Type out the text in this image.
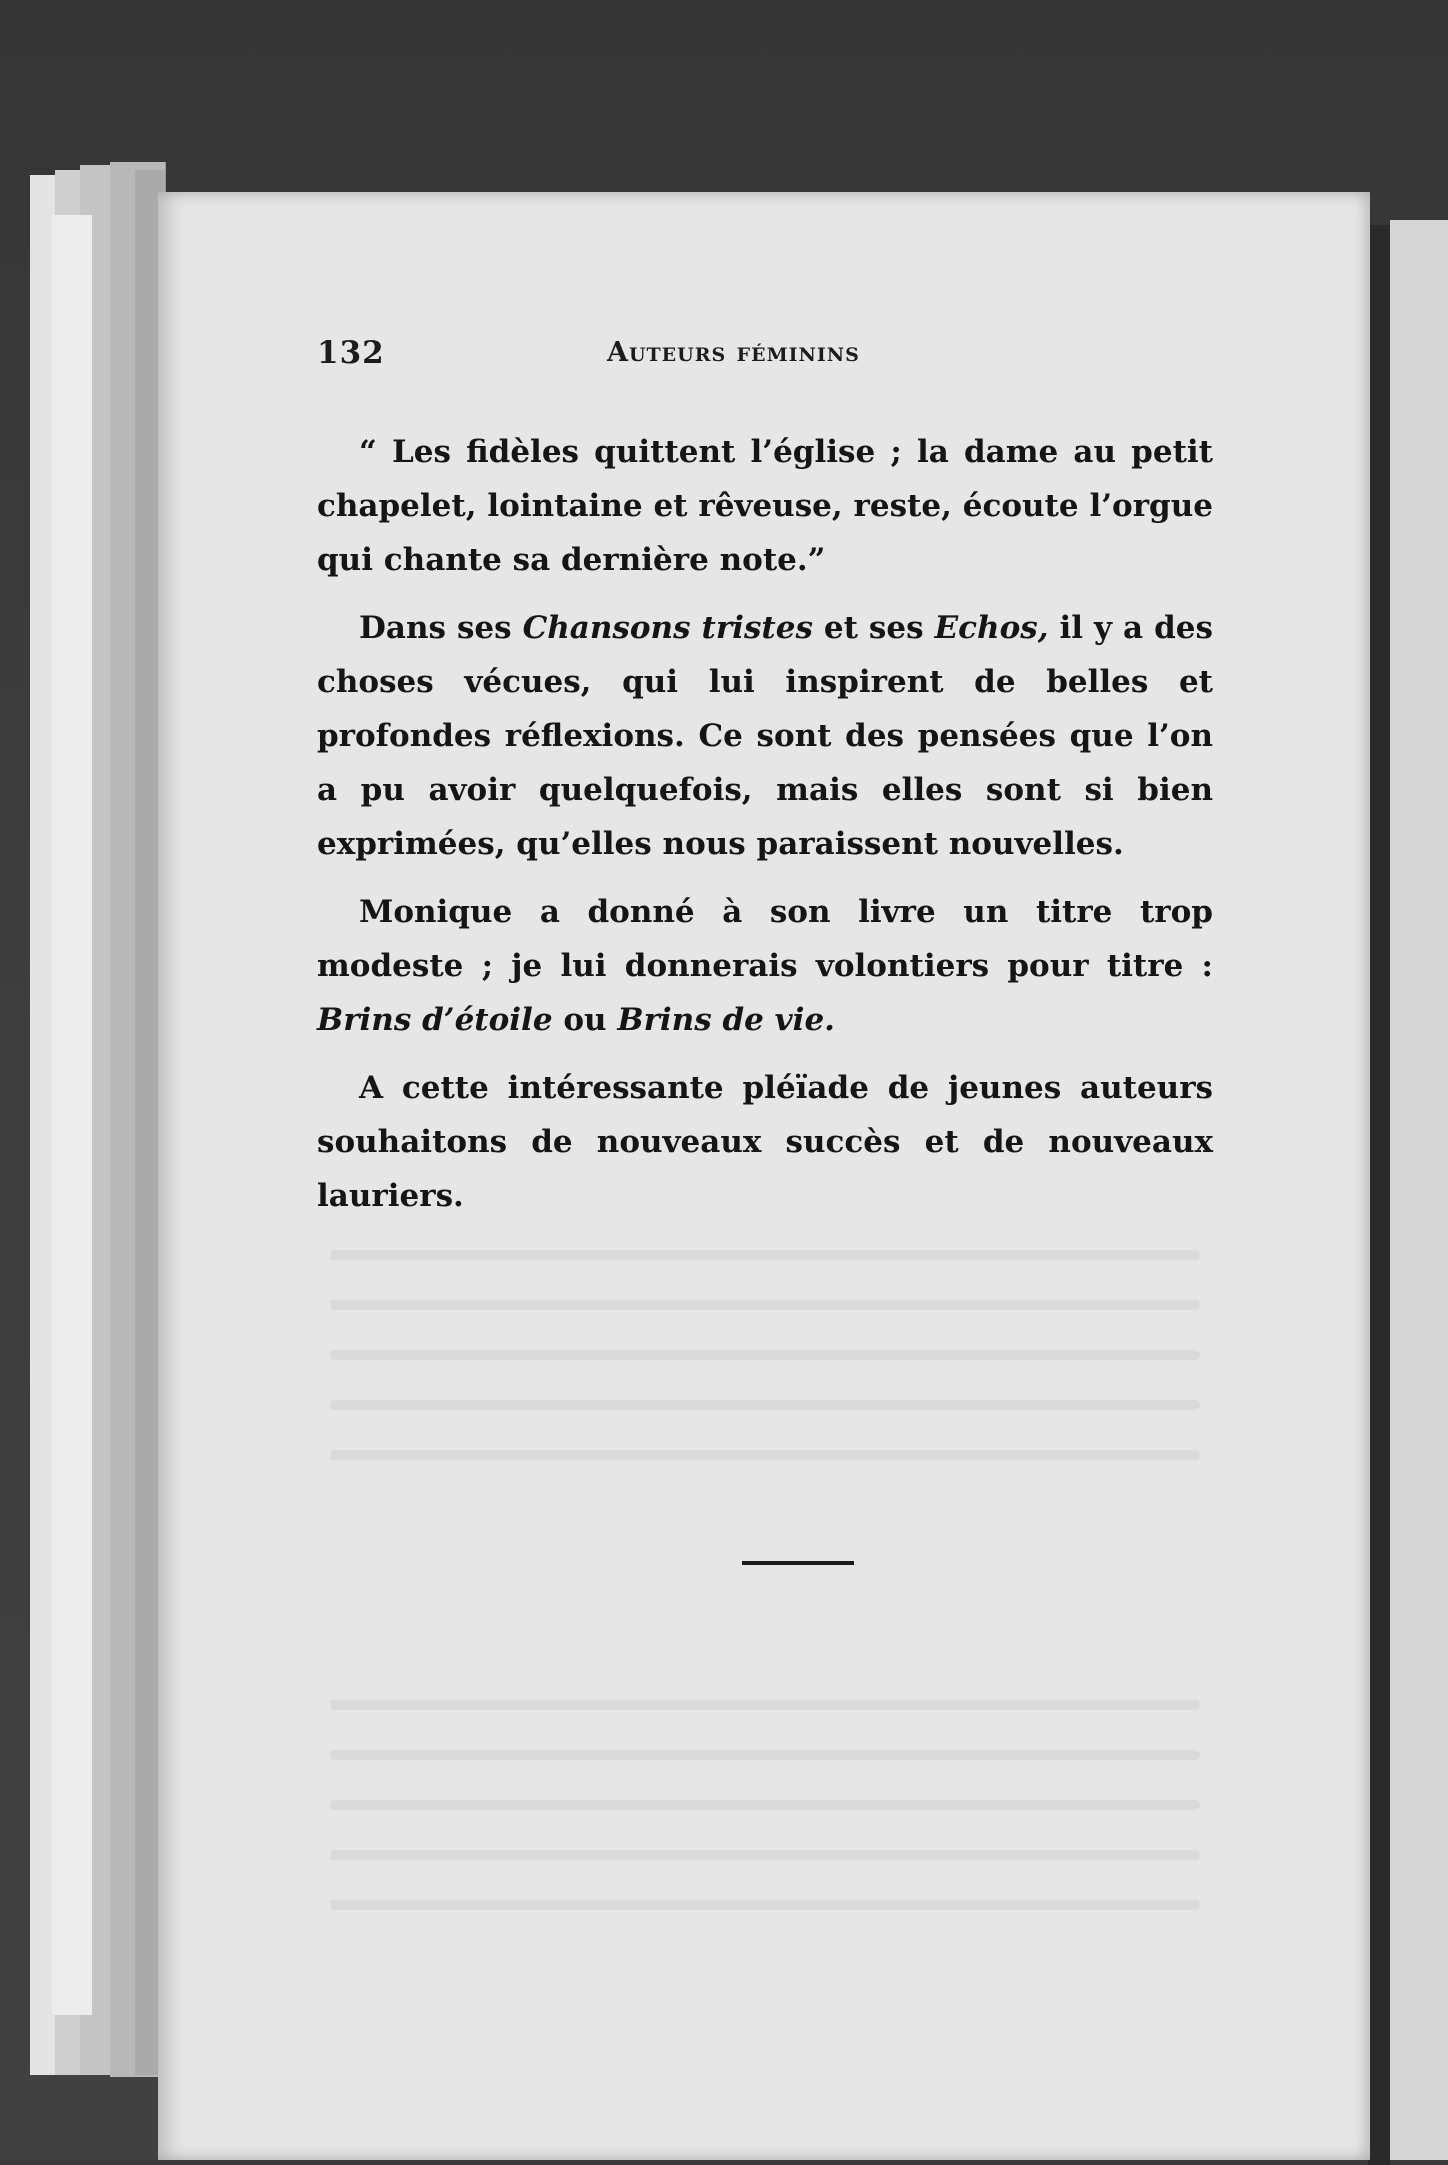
132	Auteurs féminins

“ Les fidèles quittent l’église ; la dame au petit chapelet, lointaine et rêveuse, reste, écoute l’orgue qui chante sa dernière note.”

Dans ses Chansons tristes et ses Echos, il y a des choses vécues, qui lui inspirent de belles et profondes réflexions. Ce sont des pensées que l’on a pu avoir quelquefois, mais elles sont si bien exprimées, qu’elles nous paraissent nouvelles.

Monique a donné à son livre un titre trop modeste ; je lui donnerais volontiers pour titre : Brins d’étoile ou Brins de vie.

A cette intéressante pléïade de jeunes auteurs souhaitons de nouveaux succès et de nouveaux lauriers.
